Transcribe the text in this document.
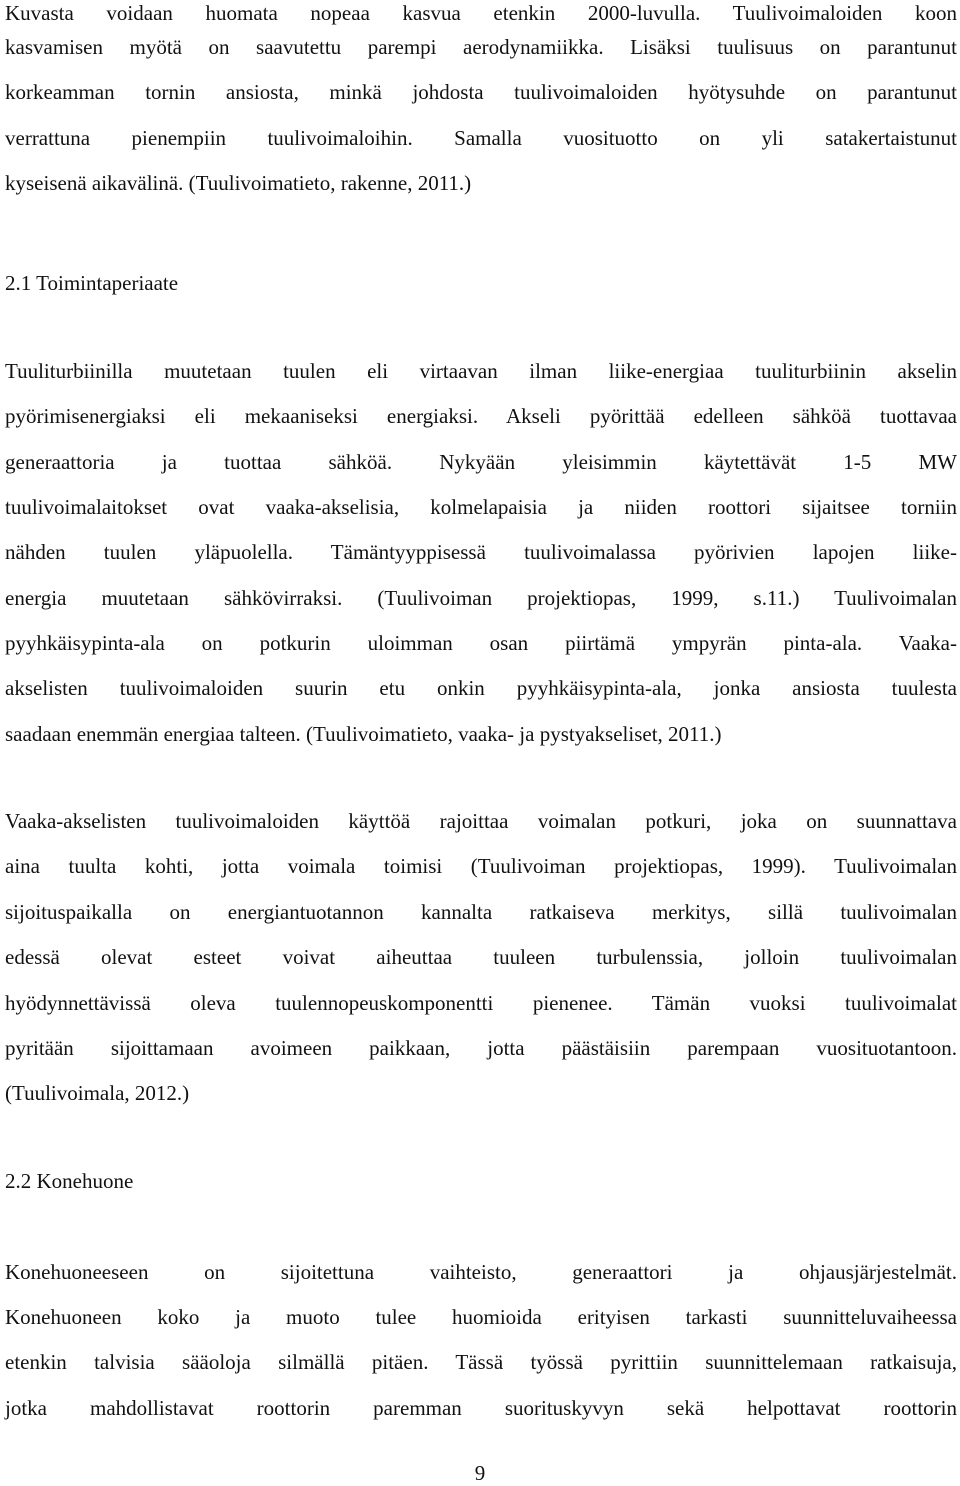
Kuvasta voidaan huomata nopeaa kasvua etenkin 2000-luvulla. Tuulivoimaloiden koon
kasvamisen myötä on saavutettu parempi aerodynamiikka. Lisäksi tuulisuus on parantunut
korkeamman tornin ansiosta, minkä johdosta tuulivoimaloiden hyötysuhde on parantunut
verrattuna pienempiin tuulivoimaloihin. Samalla vuosituotto on yli satakertaistunut
kyseisenä aikavälinä. (Tuulivoimatieto, rakenne, 2011.)
2.1 Toimintaperiaate
Tuuliturbiinilla muutetaan tuulen eli virtaavan ilman liike-energiaa tuuliturbiinin akselin
pyörimisenergiaksi eli mekaaniseksi energiaksi. Akseli pyörittää edelleen sähköä tuottavaa
generaattoria ja tuottaa sähköä. Nykyään yleisimmin käytettävät 1-5 MW
tuulivoimalaitokset ovat vaaka-akselisia, kolmelapaisia ja niiden roottori sijaitsee torniin
nähden tuulen yläpuolella. Tämäntyyppisessä tuulivoimalassa pyörivien lapojen liike-
energia muutetaan sähkövirraksi. (Tuulivoiman projektiopas, 1999, s.11.) Tuulivoimalan
pyyhkäisypinta-ala on potkurin uloimman osan piirtämä ympyrän pinta-ala. Vaaka-
akselisten tuulivoimaloiden suurin etu onkin pyyhkäisypinta-ala, jonka ansiosta tuulesta
saadaan enemmän energiaa talteen. (Tuulivoimatieto, vaaka- ja pystyakseliset, 2011.)
Vaaka-akselisten tuulivoimaloiden käyttöä rajoittaa voimalan potkuri, joka on suunnattava
aina tuulta kohti, jotta voimala toimisi (Tuulivoiman projektiopas, 1999). Tuulivoimalan
sijoituspaikalla on energiantuotannon kannalta ratkaiseva merkitys, sillä tuulivoimalan
edessä olevat esteet voivat aiheuttaa tuuleen turbulenssia, jolloin tuulivoimalan
hyödynnettävissä oleva tuulennopeuskomponentti pienenee. Tämän vuoksi tuulivoimalat
pyritään sijoittamaan avoimeen paikkaan, jotta päästäisiin parempaan vuosituotantoon.
(Tuulivoimala, 2012.)
2.2 Konehuone
Konehuoneeseen on sijoitettuna vaihteisto, generaattori ja ohjausjärjestelmät.
Konehuoneen koko ja muoto tulee huomioida erityisen tarkasti suunnitteluvaiheessa
etenkin talvisia sääoloja silmällä pitäen. Tässä työssä pyrittiin suunnittelemaan ratkaisuja,
jotka mahdollistavat roottorin paremman suorituskyvyn sekä helpottavat roottorin
9
